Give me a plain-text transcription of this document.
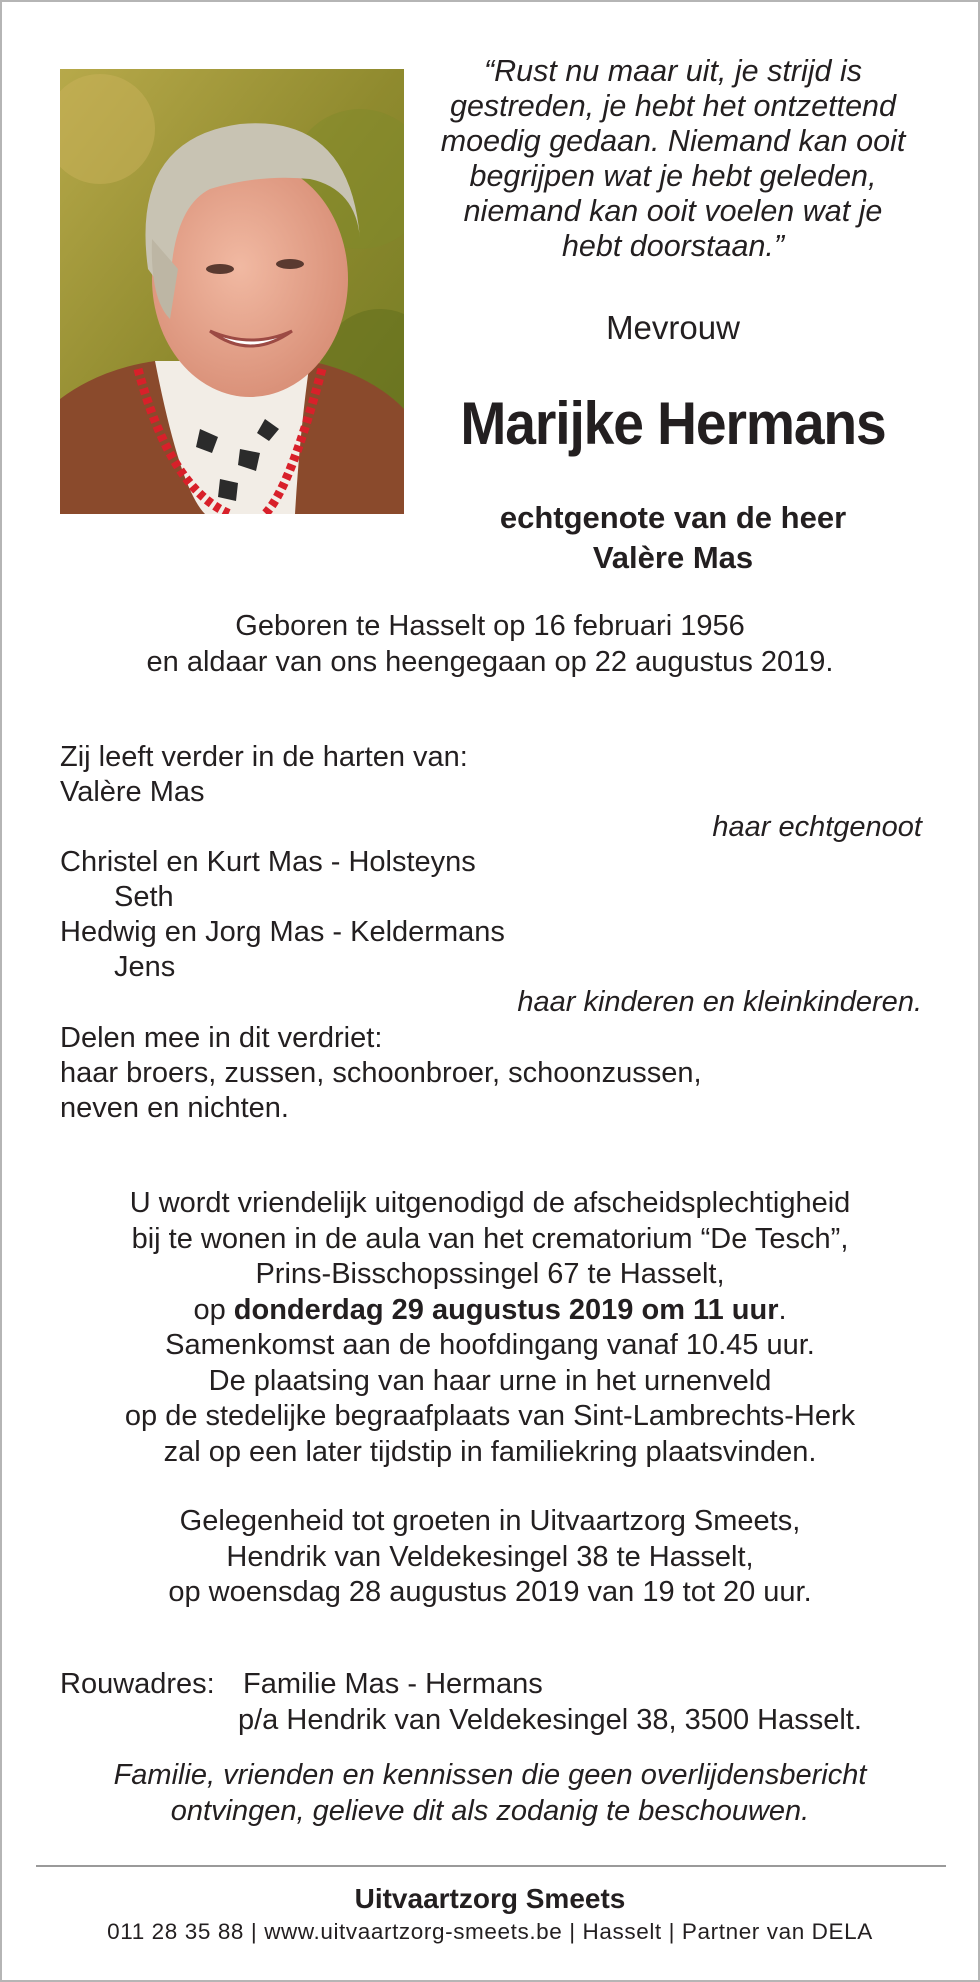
“Rust nu maar uit, je strijd is
gestreden, je hebt het ontzettend
moedig gedaan. Niemand kan ooit
begrijpen wat je hebt geleden,
niemand kan ooit voelen wat je
hebt doorstaan.”
Mevrouw
Marijke Hermans
echtgenote van de heer
Valère Mas
Geboren te Hasselt op 16 februari 1956
en aldaar van ons heengegaan op 22 augustus 2019.
Zij leeft verder in de harten van:
Valère Mas
haar echtgenoot
Christel en Kurt Mas - Holsteyns
Seth
Hedwig en Jorg Mas - Keldermans
Jens
haar kinderen en kleinkinderen.
Delen mee in dit verdriet:
haar broers, zussen, schoonbroer, schoonzussen,
neven en nichten.
U wordt vriendelijk uitgenodigd de afscheidsplechtigheid
bij te wonen in de aula van het crematorium “De Tesch”,
Prins-Bisschopssingel 67 te Hasselt,
op donderdag 29 augustus 2019 om 11 uur.
Samenkomst aan de hoofdingang vanaf 10.45 uur.
De plaatsing van haar urne in het urnenveld
op de stedelijke begraafplaats van Sint-Lambrechts-Herk
zal op een later tijdstip in familiekring plaatsvinden.
Gelegenheid tot groeten in Uitvaartzorg Smeets,
Hendrik van Veldekesingel 38 te Hasselt,
op woensdag 28 augustus 2019 van 19 tot 20 uur.
Rouwadres: Familie Mas - Hermans
p/a Hendrik van Veldekesingel 38, 3500 Hasselt.
Familie, vrienden en kennissen die geen overlijdensbericht
ontvingen, gelieve dit als zodanig te beschouwen.
Uitvaartzorg Smeets
011 28 35 88 | www.uitvaartzorg-smeets.be | Hasselt | Partner van DELA
